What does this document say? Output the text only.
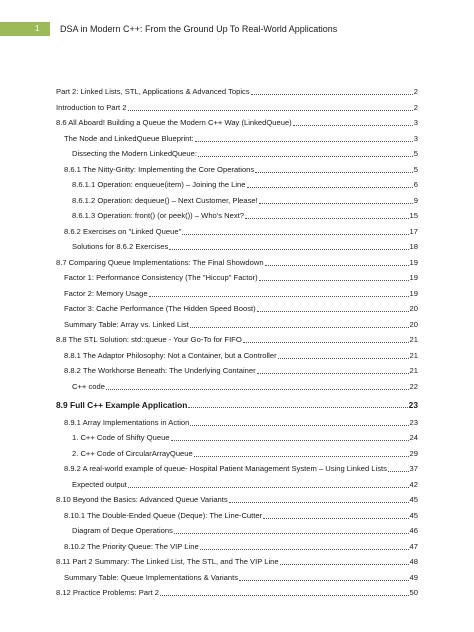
1 DSA in Modern C++: From the Ground Up To Real-World Applications
Part 2: Linked Lists, STL, Applications & Advanced Topics	2
Introduction to Part 2	2
8.6 All Aboard! Building a Queue the Modern C++ Way (LinkedQueue)	3
The Node and LinkedQueue Blueprint:	3
Dissecting the Modern LinkedQueue:	5
8.6.1 The Nitty-Gritty: Implementing the Core Operations	5
8.6.1.1 Operation: enqueue(item) – Joining the Line	6
8.6.1.2 Operation: dequeue() – Next Customer, Please!	9
8.6.1.3 Operation: front() (or peek()) – Who's Next?	15
8.6.2 Exercises on "Linked Queue"	17
Solutions for 8.6.2 Exercises	18
8.7 Comparing Queue Implementations: The Final Showdown	19
Factor 1: Performance Consistency (The "Hiccup" Factor)	19
Factor 2: Memory Usage	19
Factor 3: Cache Performance (The Hidden Speed Boost)	20
Summary Table: Array vs. Linked List	20
8.8 The STL Solution: std::queue - Your Go-To for FIFO	21
8.8.1 The Adaptor Philosophy: Not a Container, but a Controller	21
8.8.2 The Workhorse Beneath: The Underlying Container	21
C++ code	22
8.9 Full C++ Example Application	23
8.9.1 Array Implementations in Action	23
1. C++ Code of Shifty Queue	24
2. C++ Code of CircularArrayQueue	29
8.9.2 A real-world example of queue- Hospital Patient Management System – Using Linked Lists	37
Expected output	42
8.10 Beyond the Basics: Advanced Queue Variants	45
8.10.1 The Double-Ended Queue (Deque): The Line-Cutter	45
Diagram of Deque Operations	46
8.10.2 The Priority Queue: The VIP Line	47
8.11 Part 2 Summary: The Linked List, The STL, and The VIP Line	48
Summary Table: Queue Implementations & Variants	49
8.12 Practice Problems: Part 2	50
